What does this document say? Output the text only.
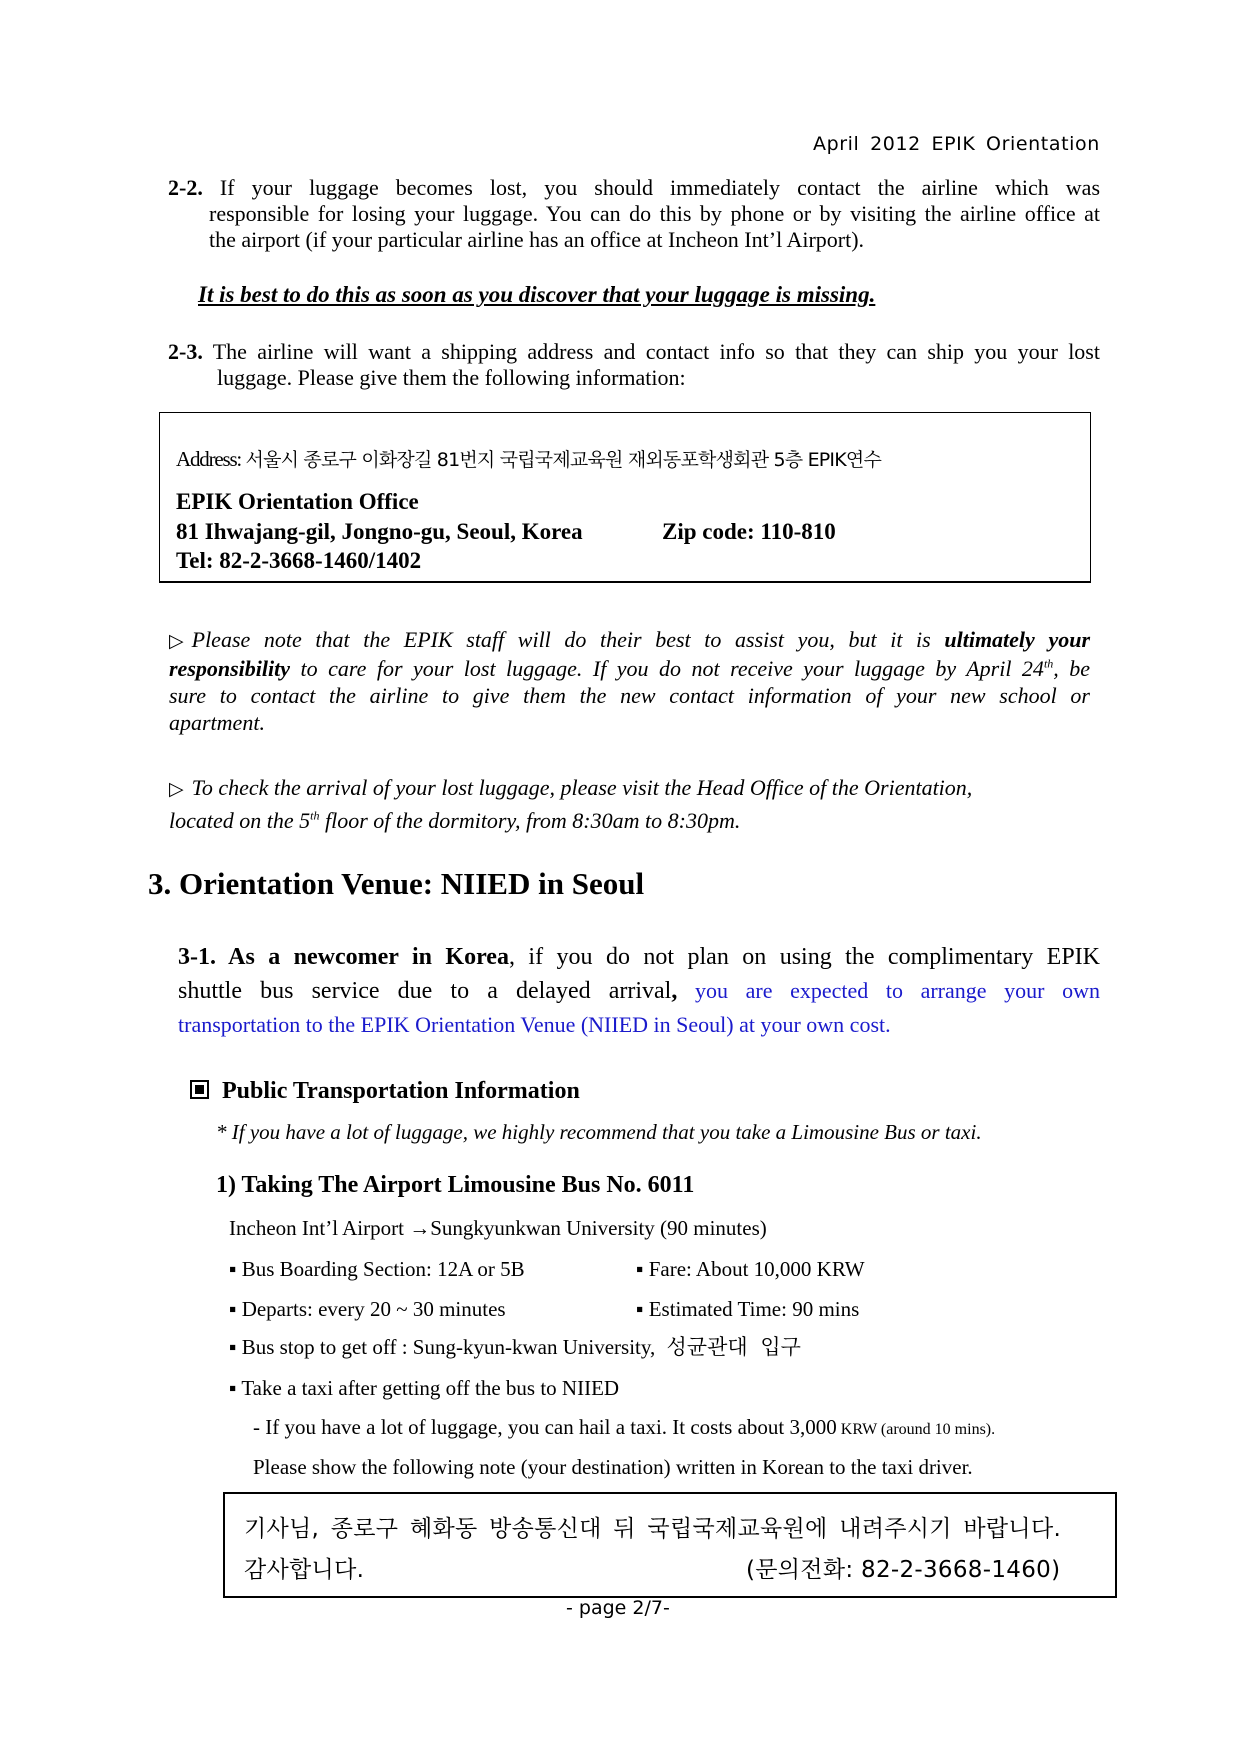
April 2012 EPIK Orientation
2-2. If your luggage becomes lost, you should immediately contact the airline which was
responsible for losing your luggage. You can do this by phone or by visiting the airline office at
the airport (if your particular airline has an office at Incheon Int’l Airport).
It is best to do this as soon as you discover that your luggage is missing.
2-3. The airline will want a shipping address and contact info so that they can ship you your lost
luggage. Please give them the following information:
Address: 서울시 종로구 이화장길 81번지 국립국제교육원 재외동포학생회관 5층 EPIK연수
EPIK Orientation Office
81 Ihwajang-gil, Jongno-gu, Seoul, Korea	Zip code: 110-810
Tel: 82-2-3668-1460/1402
▷ Please note that the EPIK staff will do their best to assist you, but it is ultimately your
responsibility to care for your lost luggage. If you do not receive your luggage by April 24th, be
sure to contact the airline to give them the new contact information of your new school or
apartment.
▷ To check the arrival of your lost luggage, please visit the Head Office of the Orientation,
located on the 5th floor of the dormitory, from 8:30am to 8:30pm.
3. Orientation Venue: NIIED in Seoul
3-1. As a newcomer in Korea, if you do not plan on using the complimentary EPIK
shuttle bus service due to a delayed arrival, you are expected to arrange your own
transportation to the EPIK Orientation Venue (NIIED in Seoul) at your own cost.
Public Transportation Information
* If you have a lot of luggage, we highly recommend that you take a Limousine Bus or taxi.
1) Taking The Airport Limousine Bus No. 6011
Incheon Int’l Airport →Sungkyunkwan University (90 minutes)
▪ Bus Boarding Section: 12A or 5B	▪ Fare: About 10,000 KRW
▪ Departs: every 20 ~ 30 minutes	▪ Estimated Time: 90 mins
▪ Bus stop to get off : Sung-kyun-kwan University, 성균관대 입구
▪ Take a taxi after getting off the bus to NIIED
- If you have a lot of luggage, you can hail a taxi. It costs about 3,000 KRW (around 10 mins).
Please show the following note (your destination) written in Korean to the taxi driver.
기사님, 종로구 혜화동 방송통신대 뒤 국립국제교육원에 내려주시기 바랍니다.
감사합니다.	(문의전화: 82-2-3668-1460)
- page 2/7-
